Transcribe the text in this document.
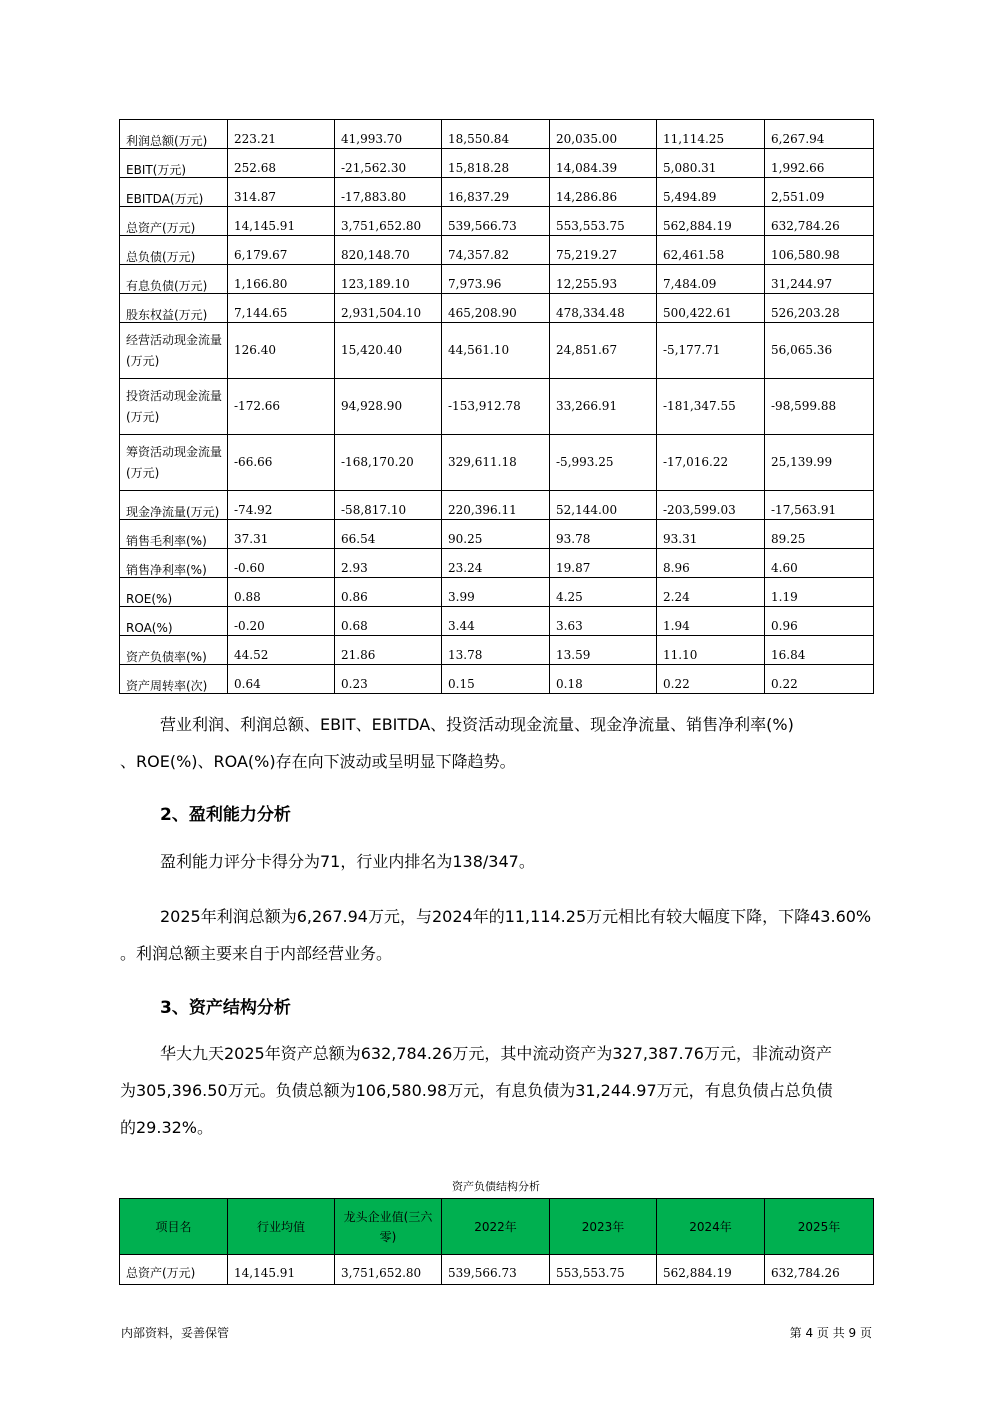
利润总额(万元)	223.21	41,993.70	18,550.84	20,035.00	11,114.25	6,267.94
EBIT(万元)	252.68	-21,562.30	15,818.28	14,084.39	5,080.31	1,992.66
EBITDA(万元)	314.87	-17,883.80	16,837.29	14,286.86	5,494.89	2,551.09
总资产(万元)	14,145.91	3,751,652.80	539,566.73	553,553.75	562,884.19	632,784.26
总负债(万元)	6,179.67	820,148.70	74,357.82	75,219.27	62,461.58	106,580.98
有息负债(万元)	1,166.80	123,189.10	7,973.96	12,255.93	7,484.09	31,244.97
股东权益(万元)	7,144.65	2,931,504.10	465,208.90	478,334.48	500,422.61	526,203.28
经营活动现金流量(万元)	126.40	15,420.40	44,561.10	24,851.67	-5,177.71	56,065.36
投资活动现金流量(万元)	-172.66	94,928.90	-153,912.78	33,266.91	-181,347.55	-98,599.88
筹资活动现金流量(万元)	-66.66	-168,170.20	329,611.18	-5,993.25	-17,016.22	25,139.99
现金净流量(万元)	-74.92	-58,817.10	220,396.11	52,144.00	-203,599.03	-17,563.91
销售毛利率(%)	37.31	66.54	90.25	93.78	93.31	89.25
销售净利率(%)	-0.60	2.93	23.24	19.87	8.96	4.60
ROE(%)	0.88	0.86	3.99	4.25	2.24	1.19
ROA(%)	-0.20	0.68	3.44	3.63	1.94	0.96
资产负债率(%)	44.52	21.86	13.78	13.59	11.10	16.84
资产周转率(次)	0.64	0.23	0.15	0.18	0.22	0.22
营业利润、利润总额、EBIT、EBITDA、投资活动现金流量、现金净流量、销售净利率(%)
、ROE(%)、ROA(%)存在向下波动或呈明显下降趋势。
2、盈利能力分析
盈利能力评分卡得分为71，行业内排名为138/347。
2025年利润总额为6,267.94万元，与2024年的11,114.25万元相比有较大幅度下降，下降43.60%
。利润总额主要来自于内部经营业务。
3、资产结构分析
华大九天2025年资产总额为632,784.26万元，其中流动资产为327,387.76万元，非流动资产
为305,396.50万元。负债总额为106,580.98万元，有息负债为31,244.97万元，有息负债占总负债
的29.32%。
资产负债结构分析
项目名	行业均值	龙头企业值(三六零)	2022年	2023年	2024年	2025年
总资产(万元)	14,145.91	3,751,652.80	539,566.73	553,553.75	562,884.19	632,784.26
内部资料，妥善保管	第 4 页 共 9 页
